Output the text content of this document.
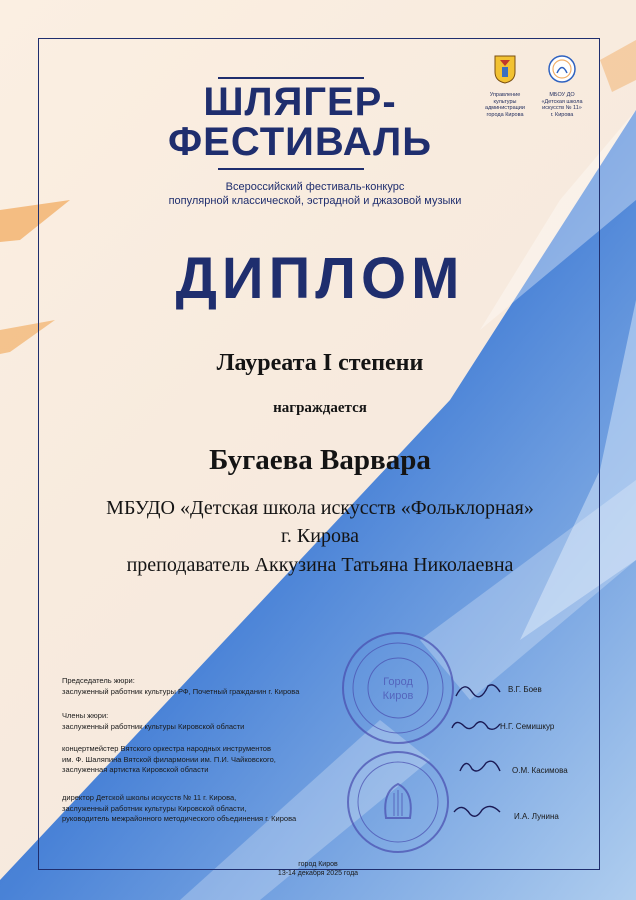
Управление
культуры
администрации
города Кирова
МБОУ ДО
«Детская школа
искусств № 11»
г. Кирова
ШЛЯГЕР-
ФЕСТИВАЛЬ
Всероссийский фестиваль-конкурс
популярной классической, эстрадной и джазовой музыки
ДИПЛОМ
Лауреата I степени
награждается
Бугаева Варвара
МБУДО «Детская школа искусств «Фольклорная»
г. Кирова
преподаватель Аккузина Татьяна Николаевна

Председатель жюри:

заслуженный работник культуры РФ, Почетный гражданин г. Кирова

Члены жюри:

заслуженный работник культуры Кировской области

концертмейстер Вятского оркестра народных инструментов

им. Ф. Шаляпина Вятской филармонии им. П.И. Чайковского,

заслуженная артистка Кировской области

директор Детской школы искусств № 11 г. Кирова,

заслуженный работник культуры Кировской области,

руководитель межрайонного методического объединения г. Кирова

Город
Киров
В.Г. Боев
Н.Г. Семишкур
О.М. Касимова
И.А. Лунина
город Киров
13-14 декабря 2025 года
